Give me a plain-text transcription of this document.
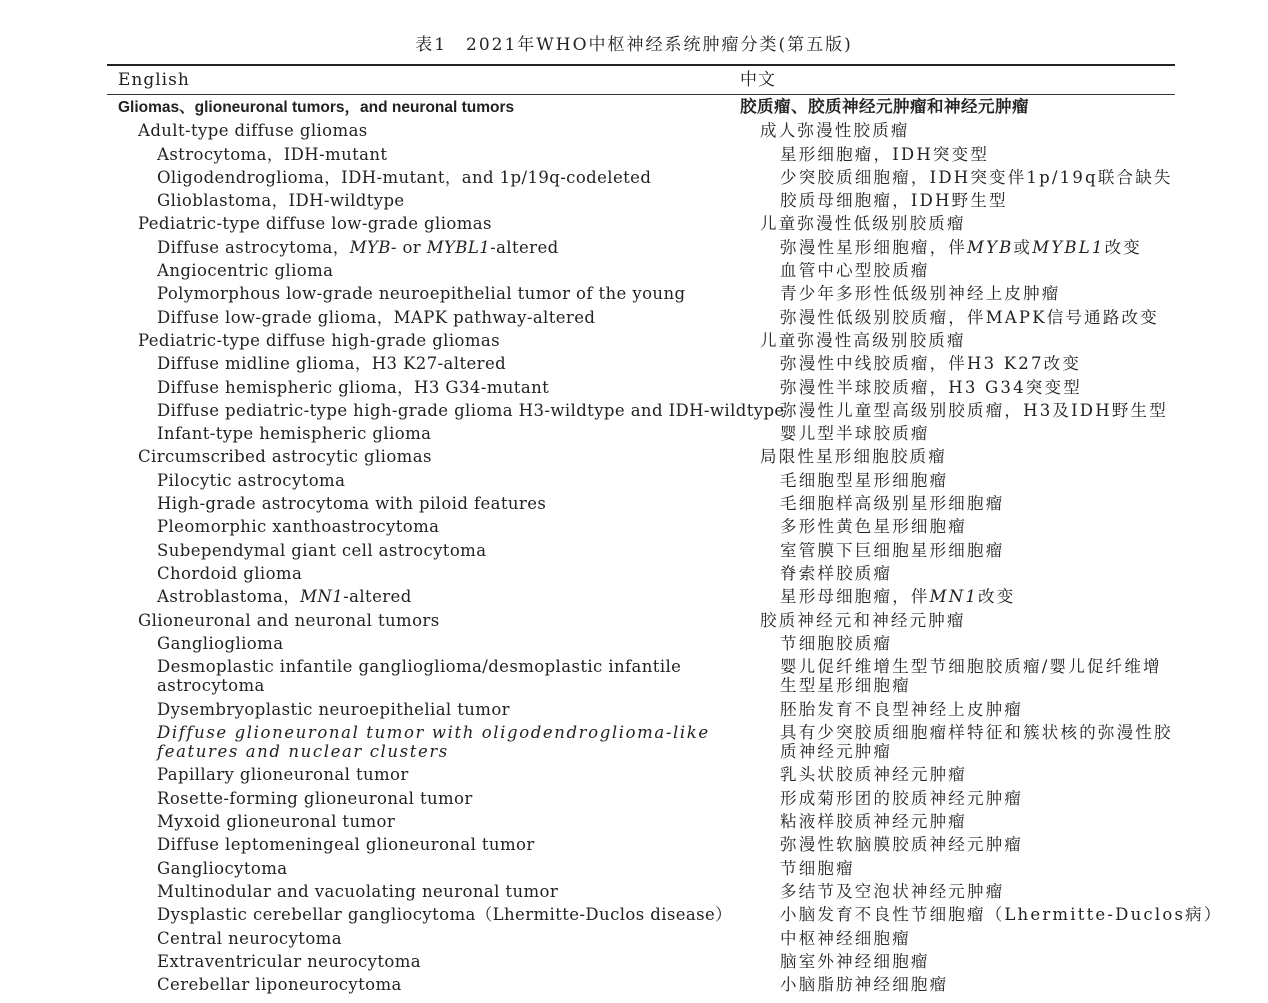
表1　2021年WHO中枢神经系统肿瘤分类(第五版)
English	中文
Gliomas、glioneuronal tumors，and neuronal tumors	胶质瘤、胶质神经元肿瘤和神经元肿瘤
Adult-type diffuse gliomas	成人弥漫性胶质瘤
Astrocytoma，IDH-mutant	星形细胞瘤，IDH突变型
Oligodendroglioma，IDH-mutant，and 1p/19q-codeleted	少突胶质细胞瘤，IDH突变伴1p/19q联合缺失
Glioblastoma，IDH-wildtype	胶质母细胞瘤，IDH野生型
Pediatric-type diffuse low-grade gliomas	儿童弥漫性低级别胶质瘤
Diffuse astrocytoma，MYB- or MYBL1-altered	弥漫性星形细胞瘤，伴MYB或MYBL1改变
Angiocentric glioma	血管中心型胶质瘤
Polymorphous low-grade neuroepithelial tumor of the young	青少年多形性低级别神经上皮肿瘤
Diffuse low-grade glioma，MAPK pathway-altered	弥漫性低级别胶质瘤，伴MAPK信号通路改变
Pediatric-type diffuse high-grade gliomas	儿童弥漫性高级别胶质瘤
Diffuse midline glioma，H3 K27-altered	弥漫性中线胶质瘤，伴H3 K27改变
Diffuse hemispheric glioma，H3 G34-mutant	弥漫性半球胶质瘤，H3 G34突变型
Diffuse pediatric-type high-grade glioma H3-wildtype and IDH-wildtype
弥漫性儿童型高级别胶质瘤，H3及IDH野生型
Infant-type hemispheric glioma	婴儿型半球胶质瘤
Circumscribed astrocytic gliomas	局限性星形细胞胶质瘤
Pilocytic astrocytoma	毛细胞型星形细胞瘤
High-grade astrocytoma with piloid features	毛细胞样高级别星形细胞瘤
Pleomorphic xanthoastrocytoma	多形性黄色星形细胞瘤
Subependymal giant cell astrocytoma	室管膜下巨细胞星形细胞瘤
Chordoid glioma	脊索样胶质瘤
Astroblastoma，MN1-altered	星形母细胞瘤，伴MN1改变
Glioneuronal and neuronal tumors	胶质神经元和神经元肿瘤
Ganglioglioma	节细胞胶质瘤
Desmoplastic infantile ganglioglioma/desmoplastic infantile astrocytoma
婴儿促纤维增生型节细胞胶质瘤/婴儿促纤维增生型星形细胞瘤
Dysembryoplastic neuroepithelial tumor	胚胎发育不良型神经上皮肿瘤
Diffuse glioneuronal tumor with oligodendroglioma-like features and nuclear clusters
具有少突胶质细胞瘤样特征和簇状核的弥漫性胶质神经元肿瘤
Papillary glioneuronal tumor	乳头状胶质神经元肿瘤
Rosette-forming glioneuronal tumor	形成菊形团的胶质神经元肿瘤
Myxoid glioneuronal tumor	粘液样胶质神经元肿瘤
Diffuse leptomeningeal glioneuronal tumor	弥漫性软脑膜胶质神经元肿瘤
Gangliocytoma	节细胞瘤
Multinodular and vacuolating neuronal tumor	多结节及空泡状神经元肿瘤
Dysplastic cerebellar gangliocytoma（Lhermitte-Duclos disease）	小脑发育不良性节细胞瘤（Lhermitte-Duclos病）
Central neurocytoma	中枢神经细胞瘤
Extraventricular neurocytoma	脑室外神经细胞瘤
Cerebellar liponeurocytoma	小脑脂肪神经细胞瘤
